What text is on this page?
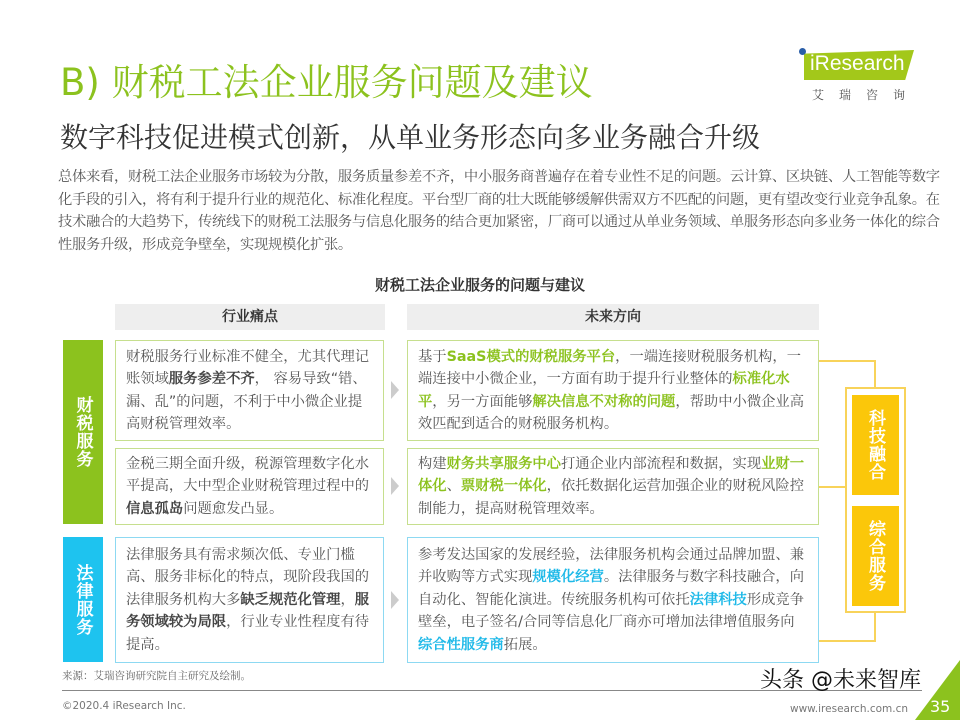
B) 财税工法企业服务问题及建议
数字科技促进模式创新，从单业务形态向多业务融合升级
iResearch
艾瑞咨询
总体来看，财税工法企业服务市场较为分散，服务质量参差不齐，中小服务商普遍存在着专业性不足的问题。云计算、区块链、人工智能等数字化手段的引入，将有利于提升行业的规范化、标准化程度。平台型厂商的壮大既能够缓解供需双方不匹配的问题，更有望改变行业竞争乱象。在技术融合的大趋势下，传统线下的财税工法服务与信息化服务的结合更加紧密，厂商可以通过从单业务领域、单服务形态向多业务一体化的综合性服务升级，形成竞争壁垒，实现规模化扩张。
财税工法企业服务的问题与建议
行业痛点	未来方向
财税服务
法律服务
财税服务行业标准不健全，尤其代理记账领域服务参差不齐， 容易导致“错、漏、乱”的问题，不利于中小微企业提高财税管理效率。
金税三期全面升级，税源管理数字化水平提高，大中型企业财税管理过程中的信息孤岛问题愈发凸显。
法律服务具有需求频次低、专业门槛高、服务非标化的特点，现阶段我国的法律服务机构大多缺乏规范化管理，服务领域较为局限，行业专业性程度有待提高。
基于SaaS模式的财税服务平台，一端连接财税服务机构，一端连接中小微企业，一方面有助于提升行业整体的标准化水平，另一方面能够解决信息不对称的问题，帮助中小微企业高效匹配到适合的财税服务机构。
构建财务共享服务中心打通企业内部流程和数据，实现业财一体化、票财税一体化，依托数据化运营加强企业的财税风险控制能力，提高财税管理效率。
参考发达国家的发展经验，法律服务机构会通过品牌加盟、兼并收购等方式实现规模化经营。法律服务与数字科技融合，向自动化、智能化演进。传统服务机构可依托法律科技形成竞争壁垒，电子签名/合同等信息化厂商亦可增加法律增值服务向综合性服务商拓展。
科技融合
综合服务
来源：艾瑞咨询研究院自主研究及绘制。
©2020.4 iResearch Inc.	www.iresearch.com.cn
头条 @未来智库
35
